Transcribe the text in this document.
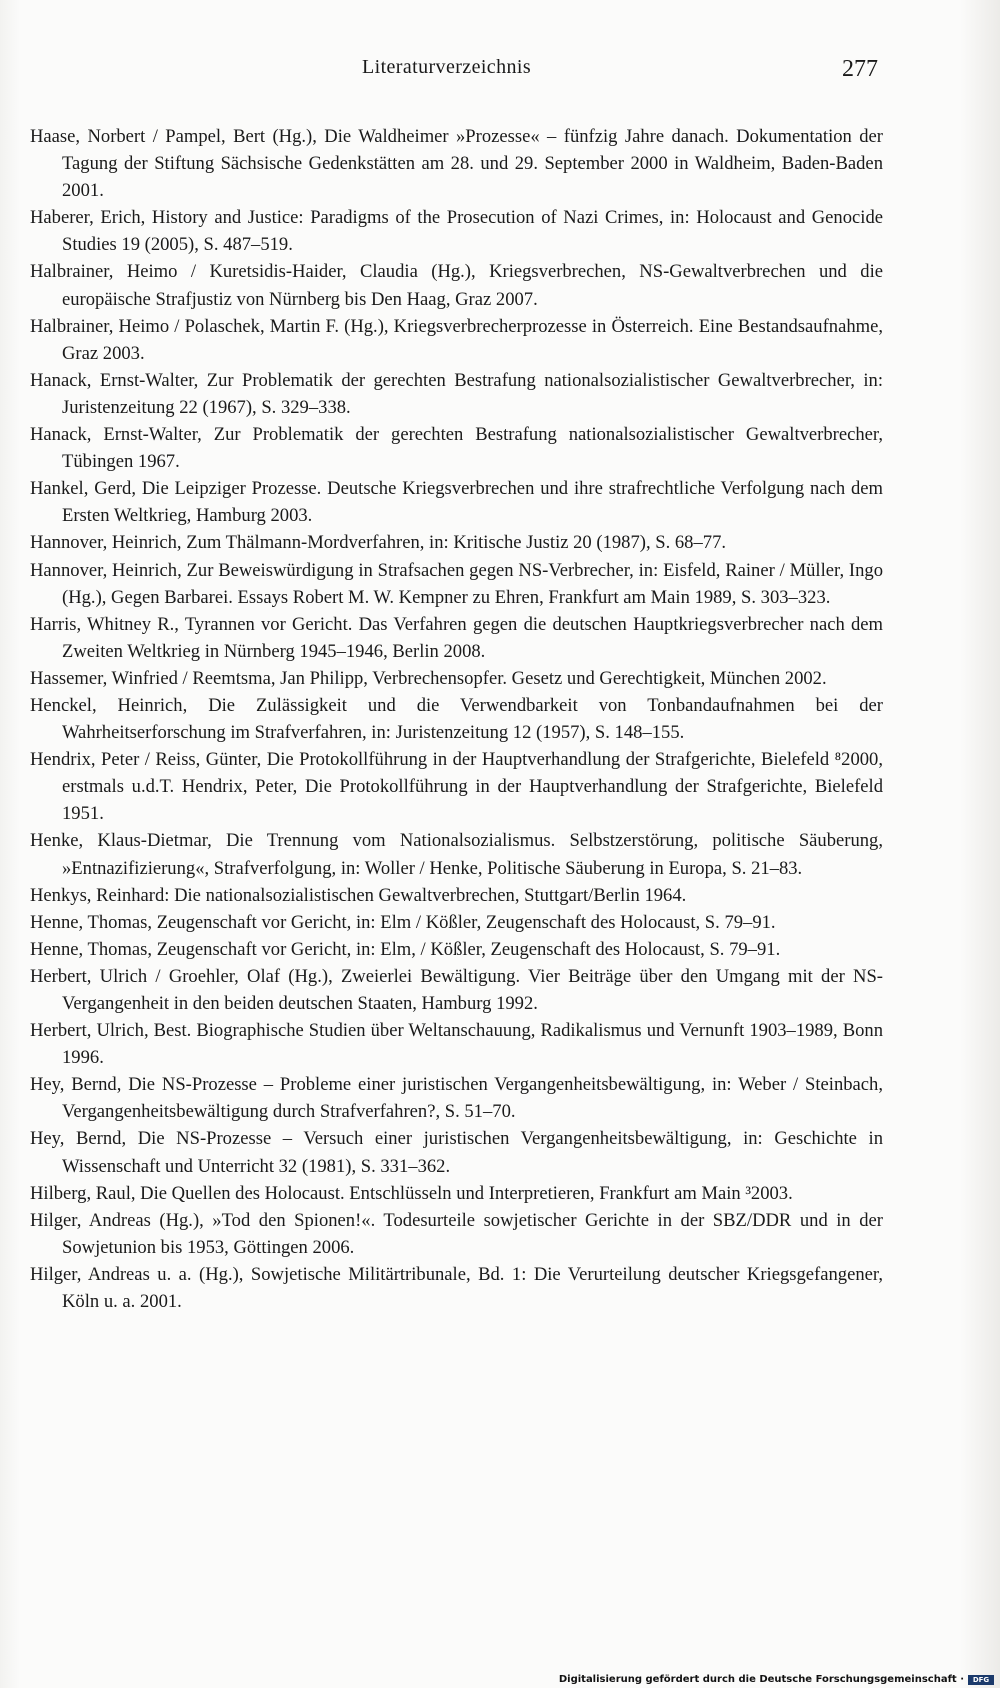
Literaturverzeichnis	277
Haase, Norbert / Pampel, Bert (Hg.), Die Waldheimer »Prozesse« – fünfzig Jahre danach. Dokumentation der Tagung der Stiftung Sächsische Gedenkstätten am 28. und 29. September 2000 in Waldheim, Baden-Baden 2001.
Haberer, Erich, History and Justice: Paradigms of the Prosecution of Nazi Crimes, in: Holocaust and Genocide Studies 19 (2005), S. 487–519.
Halbrainer, Heimo / Kuretsidis-Haider, Claudia (Hg.), Kriegsverbrechen, NS-Gewaltverbrechen und die europäische Strafjustiz von Nürnberg bis Den Haag, Graz 2007.
Halbrainer, Heimo / Polaschek, Martin F. (Hg.), Kriegsverbrecherprozesse in Österreich. Eine Bestandsaufnahme, Graz 2003.
Hanack, Ernst-Walter, Zur Problematik der gerechten Bestrafung nationalsozialistischer Gewaltverbrecher, in: Juristenzeitung 22 (1967), S. 329–338.
Hanack, Ernst-Walter, Zur Problematik der gerechten Bestrafung nationalsozialistischer Gewaltverbrecher, Tübingen 1967.
Hankel, Gerd, Die Leipziger Prozesse. Deutsche Kriegsverbrechen und ihre strafrechtliche Verfolgung nach dem Ersten Weltkrieg, Hamburg 2003.
Hannover, Heinrich, Zum Thälmann-Mordverfahren, in: Kritische Justiz 20 (1987), S. 68–77.
Hannover, Heinrich, Zur Beweiswürdigung in Strafsachen gegen NS-Verbrecher, in: Eisfeld, Rainer / Müller, Ingo (Hg.), Gegen Barbarei. Essays Robert M. W. Kempner zu Ehren, Frankfurt am Main 1989, S. 303–323.
Harris, Whitney R., Tyrannen vor Gericht. Das Verfahren gegen die deutschen Hauptkriegsverbrecher nach dem Zweiten Weltkrieg in Nürnberg 1945–1946, Berlin 2008.
Hassemer, Winfried / Reemtsma, Jan Philipp, Verbrechensopfer. Gesetz und Gerechtigkeit, München 2002.
Henckel, Heinrich, Die Zulässigkeit und die Verwendbarkeit von Tonbandaufnahmen bei der Wahrheitserforschung im Strafverfahren, in: Juristenzeitung 12 (1957), S. 148–155.
Hendrix, Peter / Reiss, Günter, Die Protokollführung in der Hauptverhandlung der Strafgerichte, Bielefeld ⁸2000, erstmals u.d.T. Hendrix, Peter, Die Protokollführung in der Hauptverhandlung der Strafgerichte, Bielefeld 1951.
Henke, Klaus-Dietmar, Die Trennung vom Nationalsozialismus. Selbstzerstörung, politische Säuberung, »Entnazifizierung«, Strafverfolgung, in: Woller / Henke, Politische Säuberung in Europa, S. 21–83.
Henkys, Reinhard: Die nationalsozialistischen Gewaltverbrechen, Stuttgart/Berlin 1964.
Henne, Thomas, Zeugenschaft vor Gericht, in: Elm / Kößler, Zeugenschaft des Holocaust, S. 79–91.
Henne, Thomas, Zeugenschaft vor Gericht, in: Elm, / Kößler, Zeugenschaft des Holocaust, S. 79–91.
Herbert, Ulrich / Groehler, Olaf (Hg.), Zweierlei Bewältigung. Vier Beiträge über den Umgang mit der NS-Vergangenheit in den beiden deutschen Staaten, Hamburg 1992.
Herbert, Ulrich, Best. Biographische Studien über Weltanschauung, Radikalismus und Vernunft 1903–1989, Bonn 1996.
Hey, Bernd, Die NS-Prozesse – Probleme einer juristischen Vergangenheitsbewältigung, in: Weber / Steinbach, Vergangenheitsbewältigung durch Strafverfahren?, S. 51–70.
Hey, Bernd, Die NS-Prozesse – Versuch einer juristischen Vergangenheitsbewältigung, in: Geschichte in Wissenschaft und Unterricht 32 (1981), S. 331–362.
Hilberg, Raul, Die Quellen des Holocaust. Entschlüsseln und Interpretieren, Frankfurt am Main ³2003.
Hilger, Andreas (Hg.), »Tod den Spionen!«. Todesurteile sowjetischer Gerichte in der SBZ/DDR und in der Sowjetunion bis 1953, Göttingen 2006.
Hilger, Andreas u. a. (Hg.), Sowjetische Militärtribunale, Bd. 1: Die Verurteilung deutscher Kriegsgefangener, Köln u. a. 2001.
Digitalisierung gefördert durch die Deutsche Forschungsgemeinschaft ·	DFG
